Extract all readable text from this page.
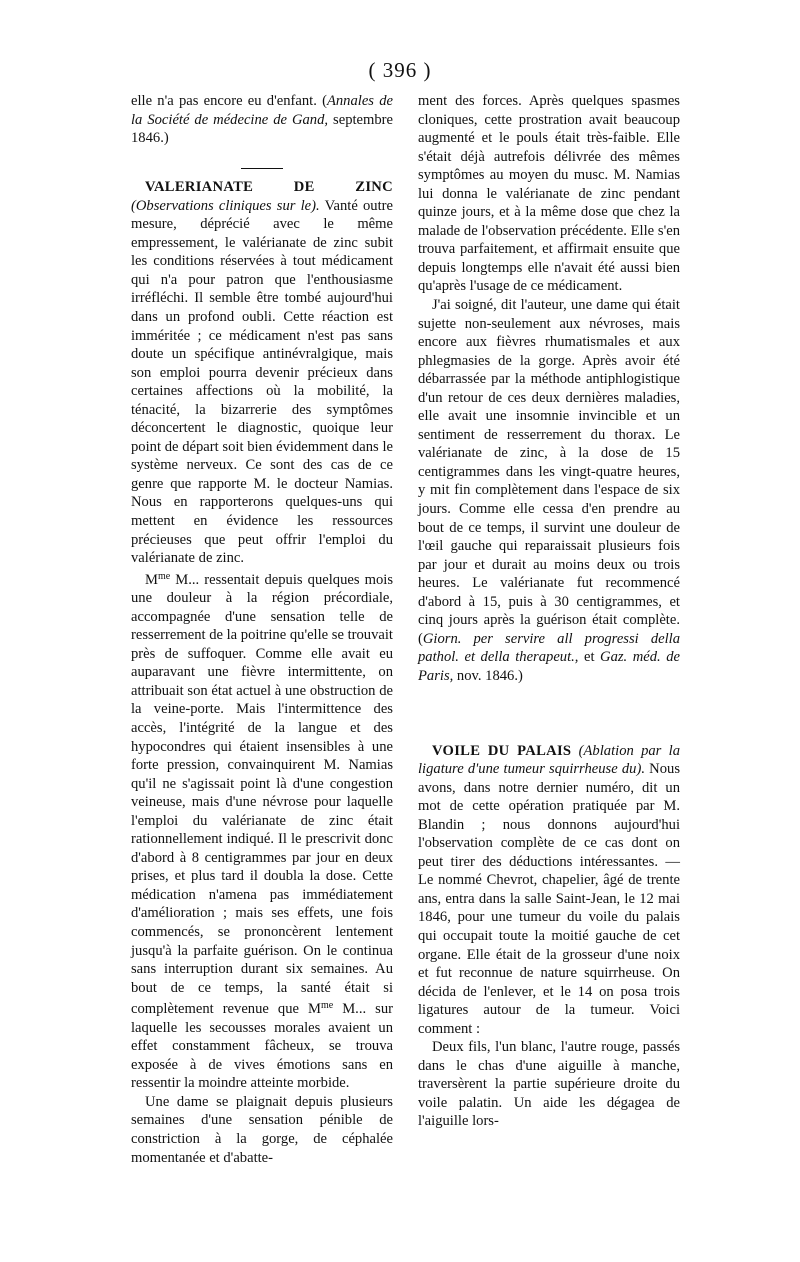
( 396 )

elle n'a pas encore eu d'enfant. (Annales de la Société de médecine de Gand, septembre 1846.)

VALERIANATE DE ZINC (Observations cliniques sur le). Vanté outre mesure, déprécié avec le même empressement, le valérianate de zinc subit les conditions réservées à tout médicament qui n'a pour patron que l'enthousiasme irréfléchi. Il semble être tombé aujourd'hui dans un profond oubli. Cette réaction est imméritée ; ce médicament n'est pas sans doute un spécifique antinévralgique, mais son emploi pourra devenir précieux dans certaines affections où la mobilité, la ténacité, la bizarrerie des symptômes déconcertent le diagnostic, quoique leur point de départ soit bien évidemment dans le système nerveux. Ce sont des cas de ce genre que rapporte M. le docteur Namias. Nous en rapporterons quelques-uns qui mettent en évidence les ressources précieuses que peut offrir l'emploi du valérianate de zinc.

$M^{me}$ M... ressentait depuis quelques mois une douleur à la région précordiale, accompagnée d'une sensation telle de resserrement de la poitrine qu'elle se trouvait près de suffoquer. Comme elle avait eu auparavant une fièvre intermittente, on attribuait son état actuel à une obstruction de la veine-porte. Mais l'intermittence des accès, l'intégrité de la langue et des hypocondres qui étaient insensibles à une forte pression, convainquirent M. Namias qu'il ne s'agissait point là d'une congestion veineuse, mais d'une névrose pour laquelle l'emploi du valérianate de zinc était rationnellement indiqué. Il le prescrivit donc d'abord à 8 centigrammes par jour en deux prises, et plus tard il doubla la dose. Cette médication n'amena pas immédiatement d'amélioration ; mais ses effets, une fois commencés, se prononcèrent lentement jusqu'à la parfaite guérison. On le continua sans interruption durant six semaines. Au bout de ce temps, la santé était si complètement revenue que $M^{me}$ M... sur laquelle les secousses morales avaient un effet constamment fâcheux, se trouva exposée à de vives émotions sans en ressentir la moindre atteinte morbide.

Une dame se plaignait depuis plusieurs semaines d'une sensation pénible de constriction à la gorge, de céphalée momentanée et d'abatte-

ment des forces. Après quelques spasmes cloniques, cette prostration avait beaucoup augmenté et le pouls était très-faible. Elle s'était déjà autrefois délivrée des mêmes symptômes au moyen du musc. M. Namias lui donna le valérianate de zinc pendant quinze jours, et à la même dose que chez la malade de l'observation précédente. Elle s'en trouva parfaitement, et affirmait ensuite que depuis longtemps elle n'avait été aussi bien qu'après l'usage de ce médicament.

J'ai soigné, dit l'auteur, une dame qui était sujette non-seulement aux névroses, mais encore aux fièvres rhumatismales et aux phlegmasies de la gorge. Après avoir été débarrassée par la méthode antiphlogistique d'un retour de ces deux dernières maladies, elle avait une insomnie invincible et un sentiment de resserrement du thorax. Le valérianate de zinc, à la dose de 15 centigrammes dans les vingt-quatre heures, y mit fin complètement dans l'espace de six jours. Comme elle cessa d'en prendre au bout de ce temps, il survint une douleur de l'œil gauche qui reparaissait plusieurs fois par jour et durait au moins deux ou trois heures. Le valérianate fut recommencé d'abord à 15, puis à 30 centigrammes, et cinq jours après la guérison était complète. (Giorn. per servire all progressi della pathol. et della therapeut., et Gaz. méd. de Paris, nov. 1846.)

VOILE DU PALAIS (Ablation par la ligature d'une tumeur squirrheuse du). Nous avons, dans notre dernier numéro, dit un mot de cette opération pratiquée par M. Blandin ; nous donnons aujourd'hui l'observation complète de ce cas dont on peut tirer des déductions intéressantes. — Le nommé Chevrot, chapelier, âgé de trente ans, entra dans la salle Saint-Jean, le 12 mai 1846, pour une tumeur du voile du palais qui occupait toute la moitié gauche de cet organe. Elle était de la grosseur d'une noix et fut reconnue de nature squirrheuse. On décida de l'enlever, et le 14 on posa trois ligatures autour de la tumeur. Voici comment :

Deux fils, l'un blanc, l'autre rouge, passés dans le chas d'une aiguille à manche, traversèrent la partie supérieure droite du voile palatin. Un aide les dégagea de l'aiguille lors-
